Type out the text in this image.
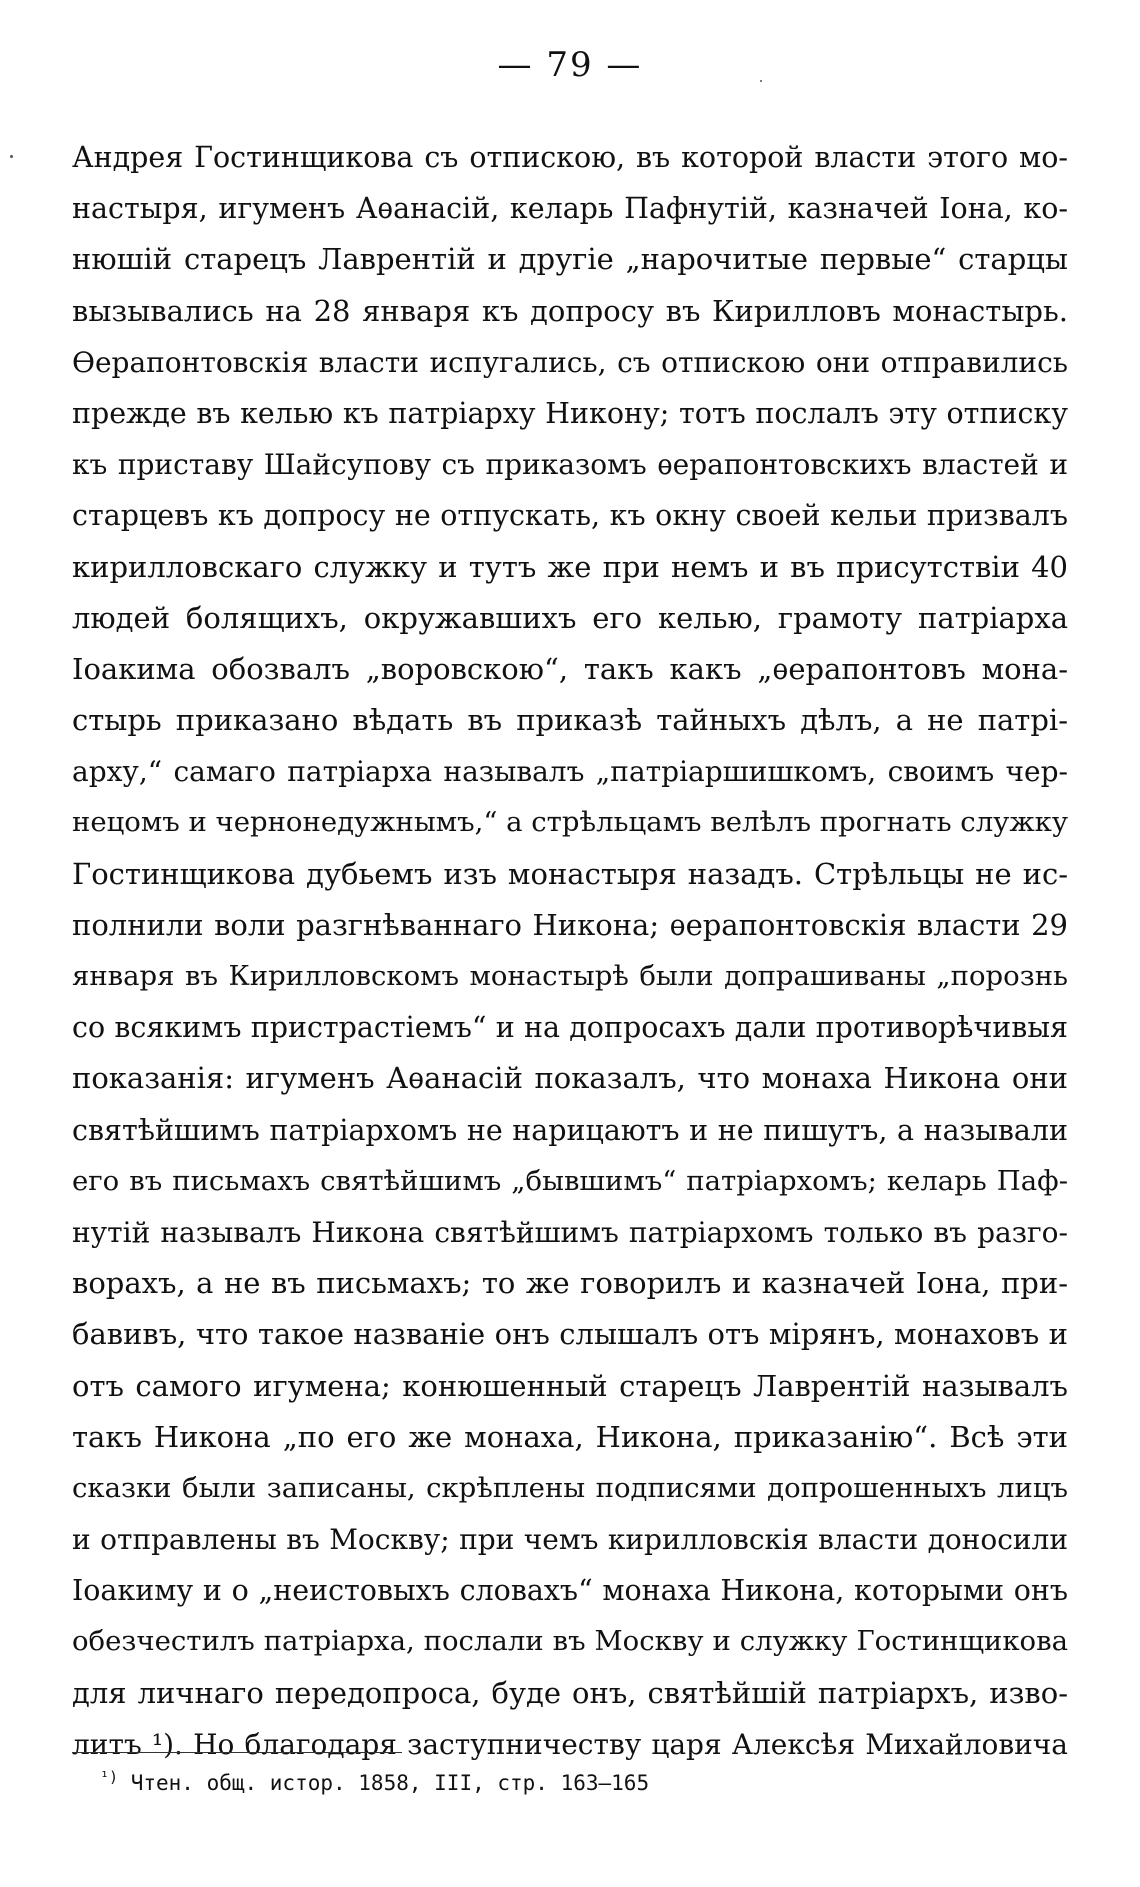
— 79 —
Андрея Гостинщикова съ отпискою, въ которой власти этого мо-
настыря, игуменъ Аѳанасій, келарь Пафнутій, казначей Іона, ко-
нюшій старецъ Лаврентій и другіе „нарочитые первые“ старцы
вызывались на 28 января къ допросу въ Кирилловъ монастырь.
Ѳерапонтовскія власти испугались, съ отпискою они отправились
прежде въ келью къ патріарху Никону; тотъ послалъ эту отписку
къ приставу Шайсупову съ приказомъ ѳерапонтовскихъ властей и
старцевъ къ допросу не отпускать, къ окну своей кельи призвалъ
кирилловскаго служку и тутъ же при немъ и въ присутствіи 40
людей болящихъ, окружавшихъ его келью, грамоту патріарха
Іоакима обозвалъ „воровскою“, такъ какъ „ѳерапонтовъ мона-
стырь приказано вѣдать въ приказѣ тайныхъ дѣлъ, а не патрі-
арху,“ самаго патріарха называлъ „патріаршишкомъ, своимъ чер-
нецомъ и чернонедужнымъ,“ а стрѣльцамъ велѣлъ прогнать служку
Гостинщикова дубьемъ изъ монастыря назадъ. Стрѣльцы не ис-
полнили воли разгнѣваннаго Никона; ѳерапонтовскія власти 29
января въ Кирилловскомъ монастырѣ были допрашиваны „порознь
со всякимъ пристрастіемъ“ и на допросахъ дали противорѣчивыя
показанія: игуменъ Аѳанасій показалъ, что монаха Никона они
святѣйшимъ патріархомъ не нарицаютъ и не пишутъ, а называли
его въ письмахъ святѣйшимъ „бывшимъ“ патріархомъ; келарь Паф-
нутій называлъ Никона святѣйшимъ патріархомъ только въ разго-
ворахъ, а не въ письмахъ; то же говорилъ и казначей Іона, при-
бавивъ, что такое названіе онъ слышалъ отъ мірянъ, монаховъ и
отъ самого игумена; конюшенный старецъ Лаврентій называлъ
такъ Никона „по его же монаха, Никона, приказанію“. Всѣ эти
сказки были записаны, скрѣплены подписями допрошенныхъ лицъ
и отправлены въ Москву; при чемъ кирилловскія власти доносили
Іоакиму и о „неистовыхъ словахъ“ монаха Никона, которыми онъ
обезчестилъ патріарха, послали въ Москву и служку Гостинщикова
для личнаго передопроса, буде онъ, святѣйшій патріархъ, изво-
литъ ¹). Но благодаря заступничеству царя Алексѣя Михайловича
$^{^1)}$ Чтен. общ. истор. 1858, III, стр. 163—165
